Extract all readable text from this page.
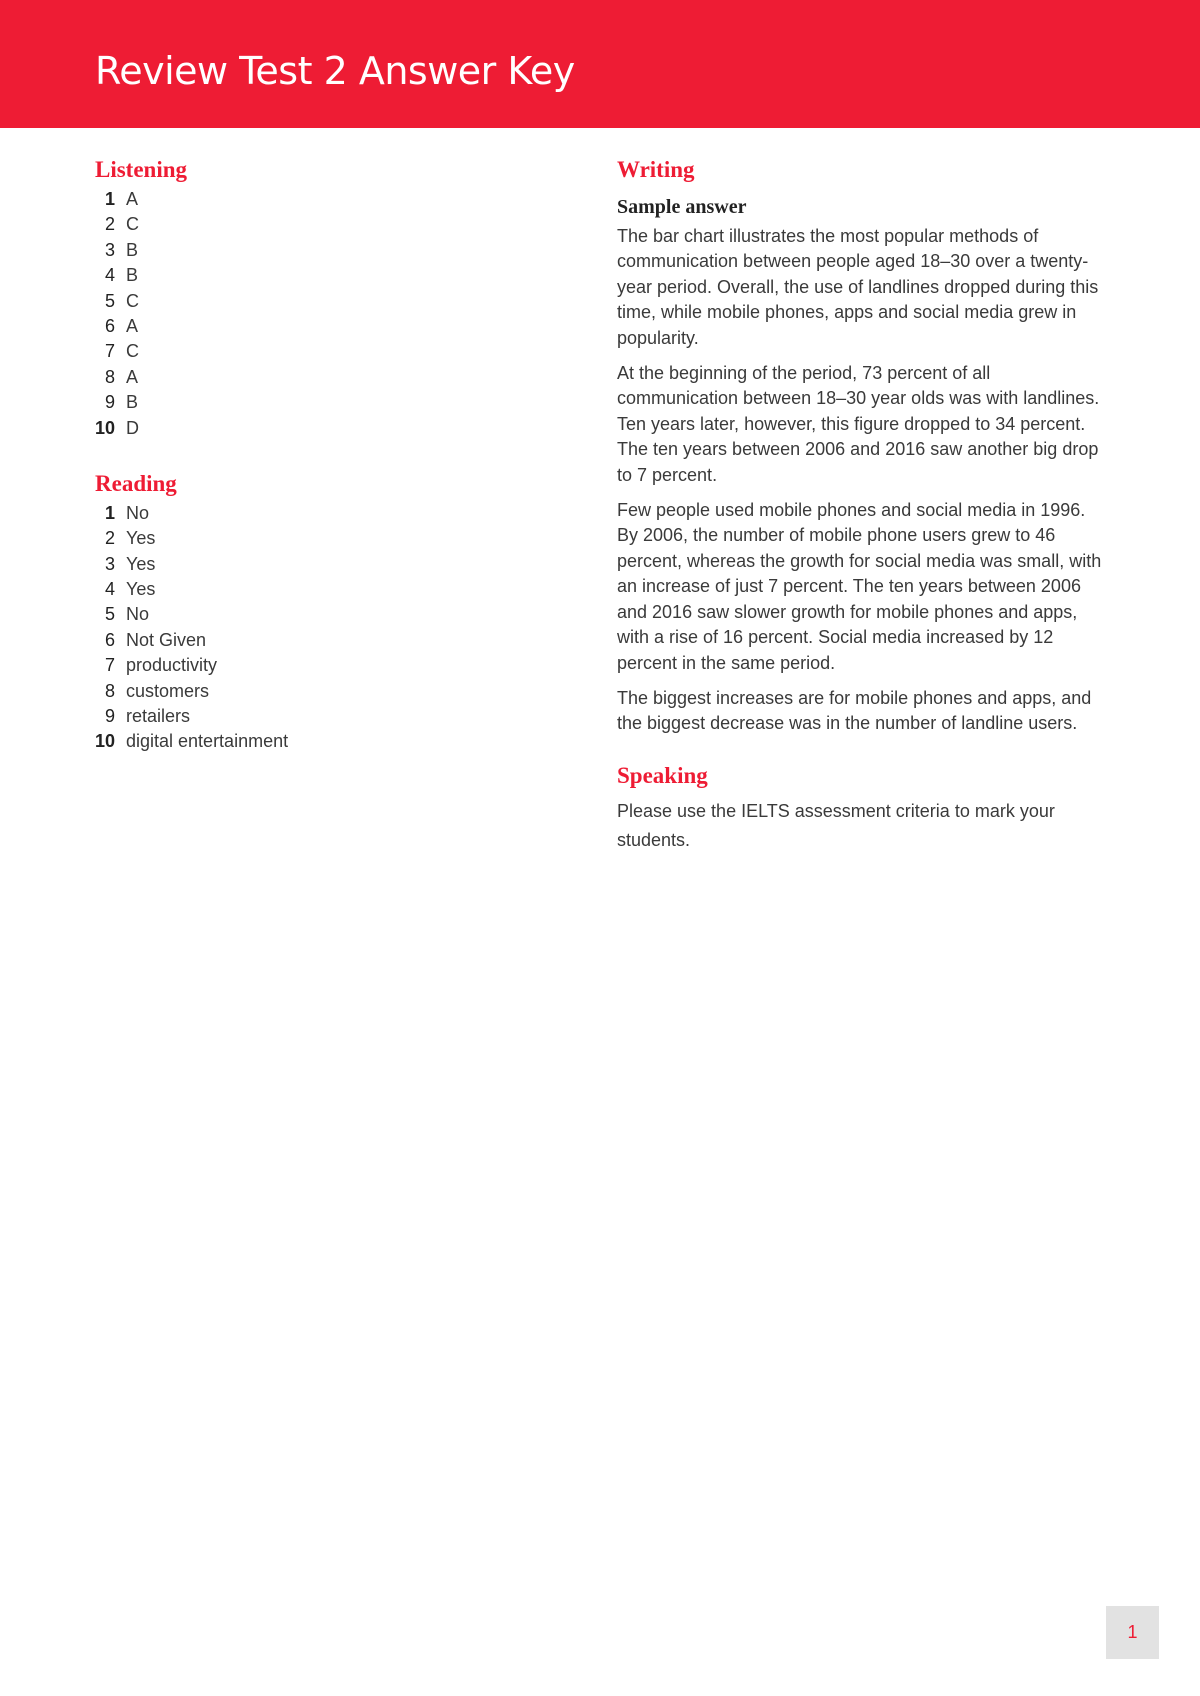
Review Test 2 Answer Key
Listening
1 A
2 C
3 B
4 B
5 C
6 A
7 C
8 A
9 B
10 D
Reading
1 No
2 Yes
3 Yes
4 Yes
5 No
6 Not Given
7 productivity
8 customers
9 retailers
10 digital entertainment
Writing
Sample answer

The bar chart illustrates the most popular methods of communication between people aged 18–30 over a twenty-year period. Overall, the use of landlines dropped during this time, while mobile phones, apps and social media grew in popularity.

At the beginning of the period, 73 percent of all communication between 18–30 year olds was with landlines. Ten years later, however, this figure dropped to 34 percent. The ten years between 2006 and 2016 saw another big drop to 7 percent.

Few people used mobile phones and social media in 1996. By 2006, the number of mobile phone users grew to 46 percent, whereas the growth for social media was small, with an increase of just 7 percent. The ten years between 2006 and 2016 saw slower growth for mobile phones and apps, with a rise of 16 percent. Social media increased by 12 percent in the same period.

The biggest increases are for mobile phones and apps, and the biggest decrease was in the number of landline users.

Speaking

Please use the IELTS assessment criteria to mark your students.

1
